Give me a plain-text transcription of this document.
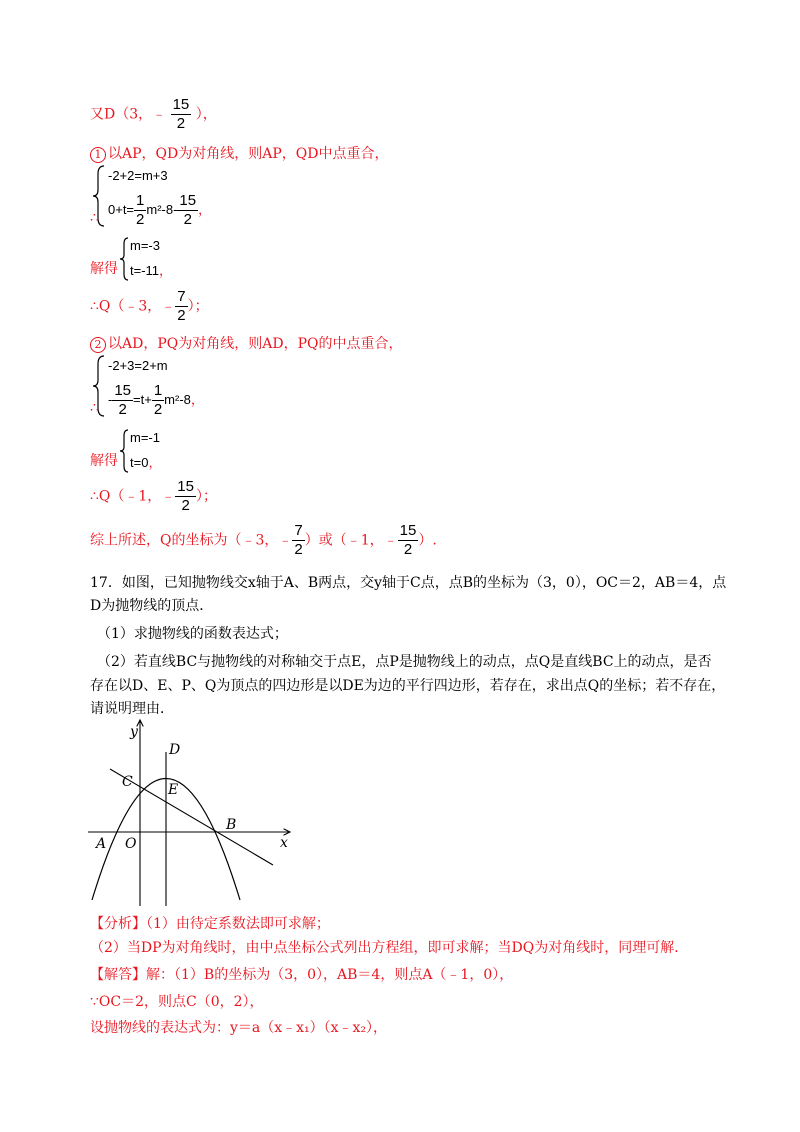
又D（3，﹣ $\frac{15}{2}$ ），
1 以AP，QD为对角线，则AP，QD中点重合，
-2+2=m+3
$0+t= \frac{1}{2} m^2-8- \frac{15}{2}$ ，
∴
解得
m=-3
t=-11，
∴Q（﹣3，﹣ $\frac{7}{2}$ ）；
2 以AD，PQ为对角线，则AD，PQ的中点重合，
-2+3=2+m
- $\frac{15}{2} =t+ \frac{1}{2} m^2-8$，
∴
解得
m=-1
t=0，
∴Q（﹣1，﹣ $\frac{15}{2}$ ）；
综上所述，Q的坐标为（﹣3，﹣ $\frac{7}{2}$ ）或（﹣1，﹣ $\frac{15}{2}$ ）.
17．如图，已知抛物线交x轴于A、B两点，交y轴于C点，点B的坐标为（3，0），OC＝2，AB＝4，点
D为抛物线的顶点．
（1）求抛物线的函数表达式；
（2）若直线BC与抛物线的对称轴交于点E，点P是抛物线上的动点，点Q是直线BC上的动点，是否
存在以D、E、P、Q为顶点的四边形是以DE为边的平行四边形，若存在，求出点Q的坐标；若不存在，
请说明理由．
y
x
A O
B
C
D
E
【分析】（1）由待定系数法即可求解；
（2）当DP为对角线时，由中点坐标公式列出方程组，即可求解；当DQ为对角线时，同理可解．
【解答】解：（1）B的坐标为（3，0），AB＝4，则点A（﹣1，0），
∵OC＝2，则点C（0，2），
设抛物线的表达式为：y＝a（x﹣x₁）（x﹣x₂），
